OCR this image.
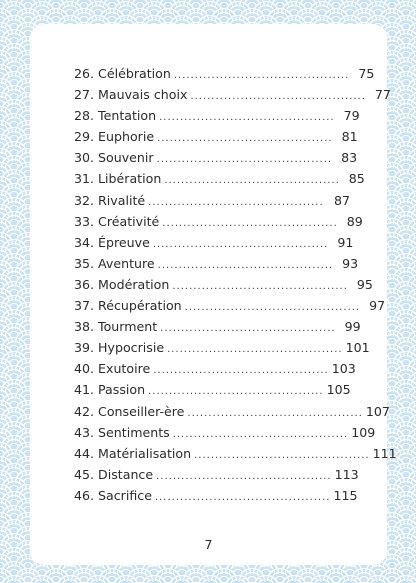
26. Célébration .......................................... 75
27. Mauvais choix .......................................... 77
28. Tentation .......................................... 79
29. Euphorie .......................................... 81
30. Souvenir .......................................... 83
31. Libération .......................................... 85
32. Rivalité .......................................... 87
33. Créativité .......................................... 89
34. Épreuve .......................................... 91
35. Aventure .......................................... 93
36. Modération .......................................... 95
37. Récupération .......................................... 97
38. Tourment .......................................... 99
39. Hypocrisie .......................................... 101
40. Exutoire .......................................... 103
41. Passion .......................................... 105
42. Conseiller-ère .......................................... 107
43. Sentiments .......................................... 109
44. Matérialisation .......................................... 111
45. Distance .......................................... 113
46. Sacrifice .......................................... 115
7
